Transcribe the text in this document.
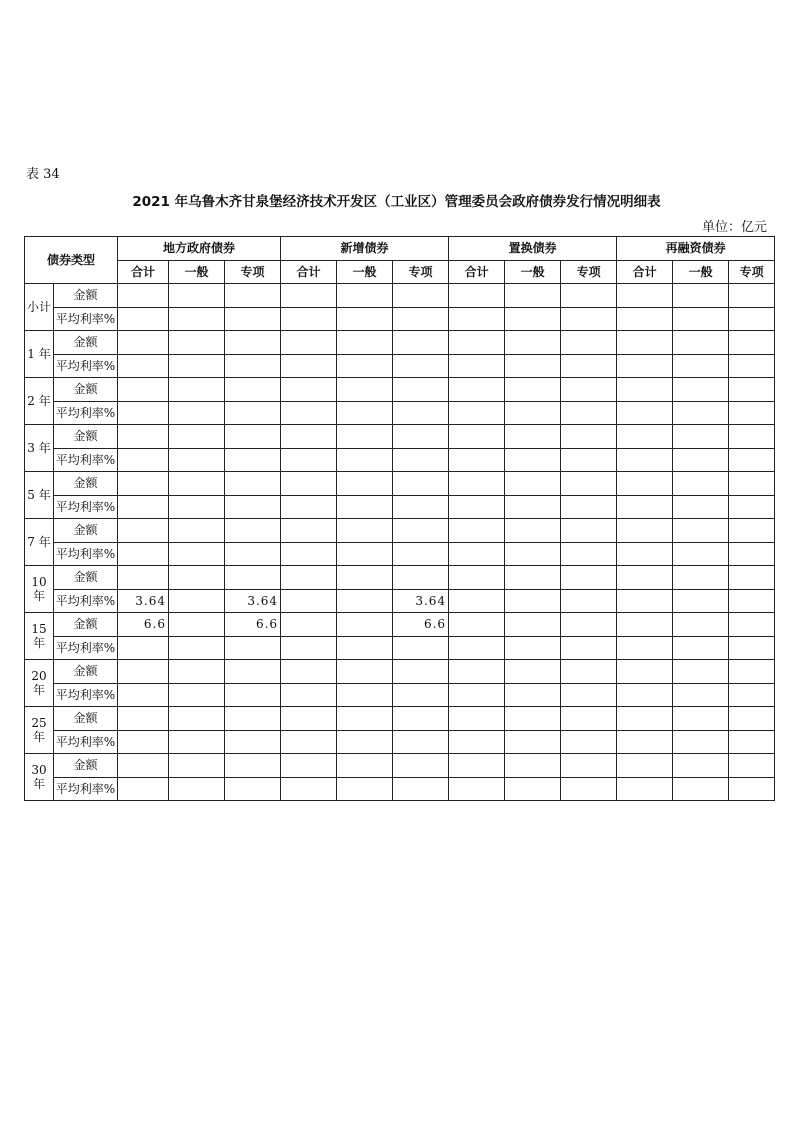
表 34
2021 年乌鲁木齐甘泉堡经济技术开发区（工业区）管理委员会政府债券发行情况明细表
单位：亿元
债券类型		地方政府债券			新增债券			置换债券			再融资债券		
		合计	一般	专项	合计	一般	专项	合计	一般	专项	合计	一般	专项
小计	金额												
	平均利率%												
1 年	金额												
	平均利率%												
2 年	金额												
	平均利率%												
3 年	金额												
	平均利率%												
5 年	金额												
	平均利率%												
7 年	金额												
	平均利率%												
10 年	金额												
	平均利率%	3.64		3.64			3.64						
15 年	金额	6.6		6.6			6.6						
	平均利率%												
20 年	金额												
	平均利率%												
25 年	金额												
	平均利率%												
30 年	金额												
	平均利率%												
